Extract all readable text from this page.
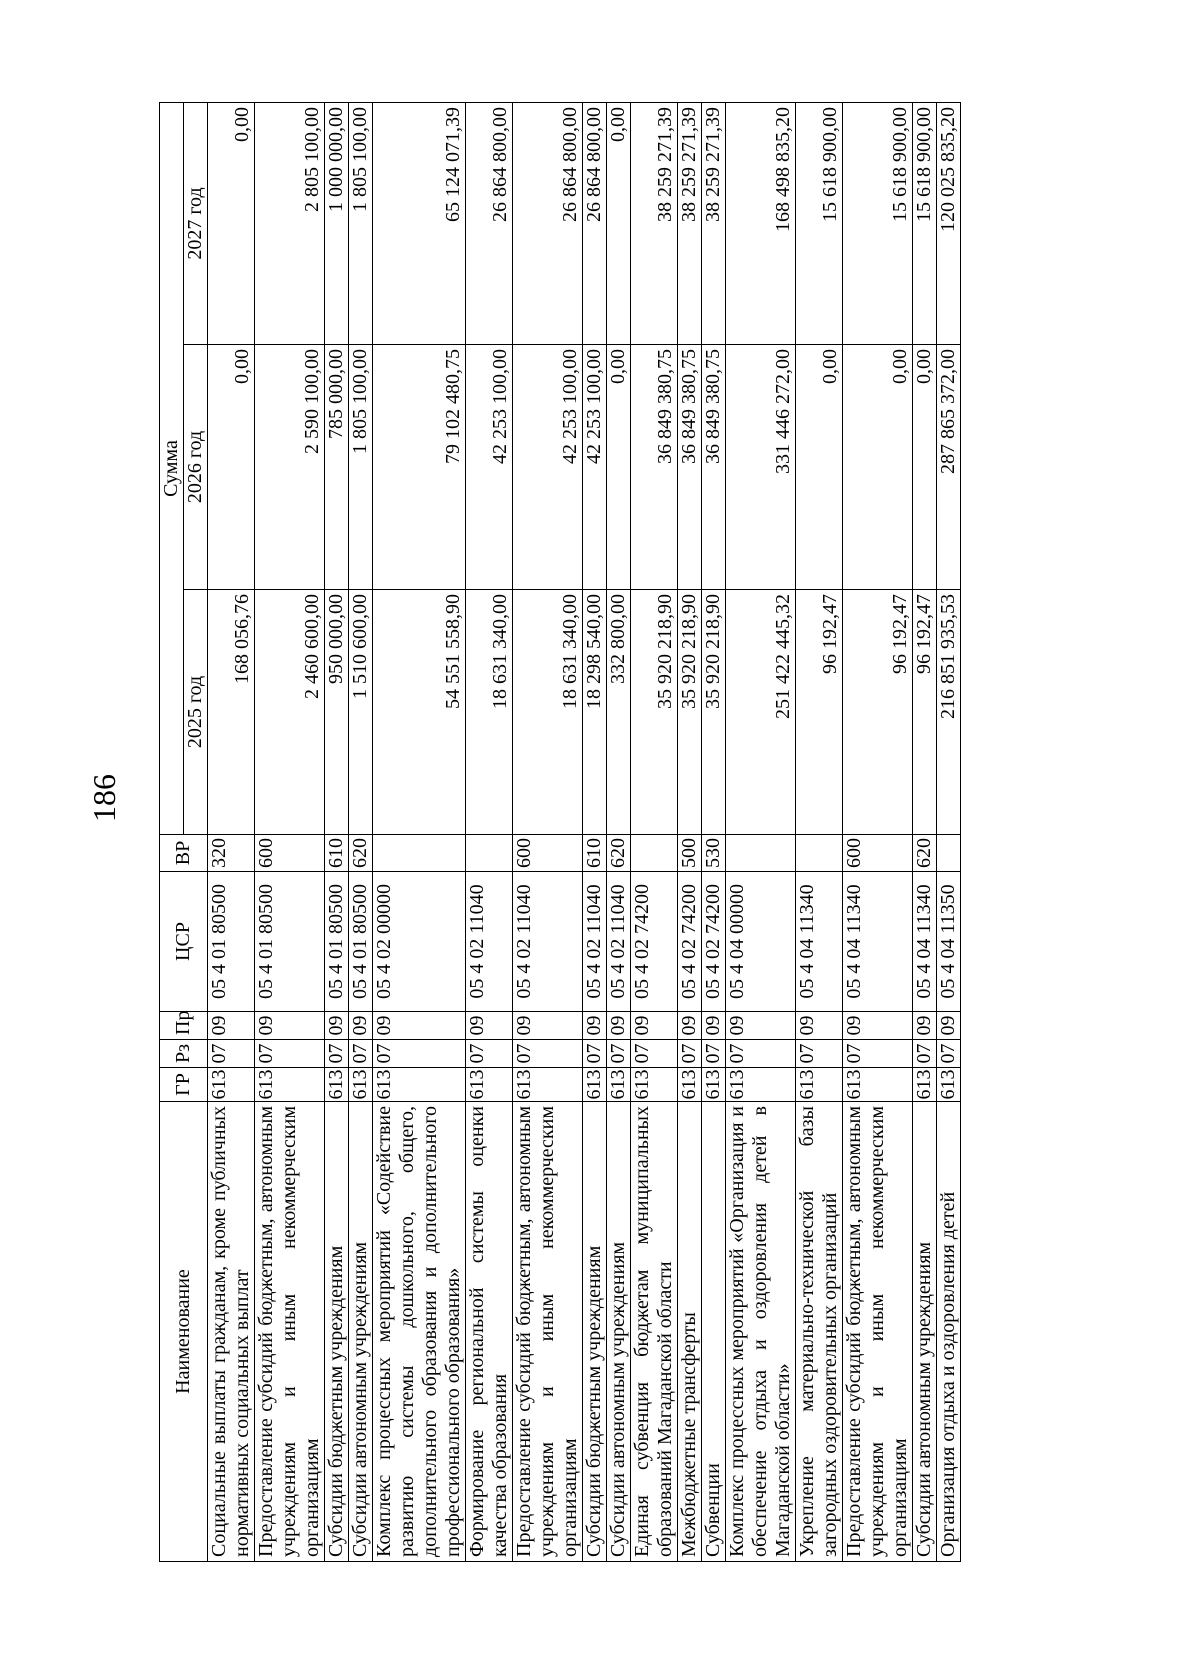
186
Наименование	ГР	Рз	Пр	ЦСР	ВР	Сумма		
						2025 год	2026 год	2027 год
Социальные выплаты гражданам, кроме публичных нормативных социальных выплат	613	07	09	05 4 01 80500	320	168 056,76	0,00	0,00
Предоставление субсидий бюджетным, автономным учреждениям и иным некоммерческим организациям	613	07	09	05 4 01 80500	600	2 460 600,00	2 590 100,00	2 805 100,00
Субсидии бюджетным учреждениям	613	07	09	05 4 01 80500	610	950 000,00	785 000,00	1 000 000,00
Субсидии автономным учреждениям	613	07	09	05 4 01 80500	620	1 510 600,00	1 805 100,00	1 805 100,00
Комплекс процессных мероприятий «Содействие развитию системы дошкольного, общего, дополнительного образования и дополнительного профессионального образования»	613	07	09	05 4 02 00000		54 551 558,90	79 102 480,75	65 124 071,39
Формирование региональной системы оценки качества образования	613	07	09	05 4 02 11040		18 631 340,00	42 253 100,00	26 864 800,00
Предоставление субсидий бюджетным, автономным учреждениям и иным некоммерческим организациям	613	07	09	05 4 02 11040	600	18 631 340,00	42 253 100,00	26 864 800,00
Субсидии бюджетным учреждениям	613	07	09	05 4 02 11040	610	18 298 540,00	42 253 100,00	26 864 800,00
Субсидии автономным учреждениям	613	07	09	05 4 02 11040	620	332 800,00	0,00	0,00
Единая субвенция бюджетам муниципальных образований Магаданской области	613	07	09	05 4 02 74200		35 920 218,90	36 849 380,75	38 259 271,39
Межбюджетные трансферты	613	07	09	05 4 02 74200	500	35 920 218,90	36 849 380,75	38 259 271,39
Субвенции	613	07	09	05 4 02 74200	530	35 920 218,90	36 849 380,75	38 259 271,39
Комплекс процессных мероприятий «Организация и обеспечение отдыха и оздоровления детей в Магаданской области»	613	07	09	05 4 04 00000		251 422 445,32	331 446 272,00	168 498 835,20
Укрепление материально-технической базы загородных оздоровительных организаций	613	07	09	05 4 04 11340		96 192,47	0,00	15 618 900,00
Предоставление субсидий бюджетным, автономным учреждениям и иным некоммерческим организациям	613	07	09	05 4 04 11340	600	96 192,47	0,00	15 618 900,00
Субсидии автономным учреждениям	613	07	09	05 4 04 11340	620	96 192,47	0,00	15 618 900,00
Организация отдыха и оздоровления детей	613	07	09	05 4 04 11350		216 851 935,53	287 865 372,00	120 025 835,20
